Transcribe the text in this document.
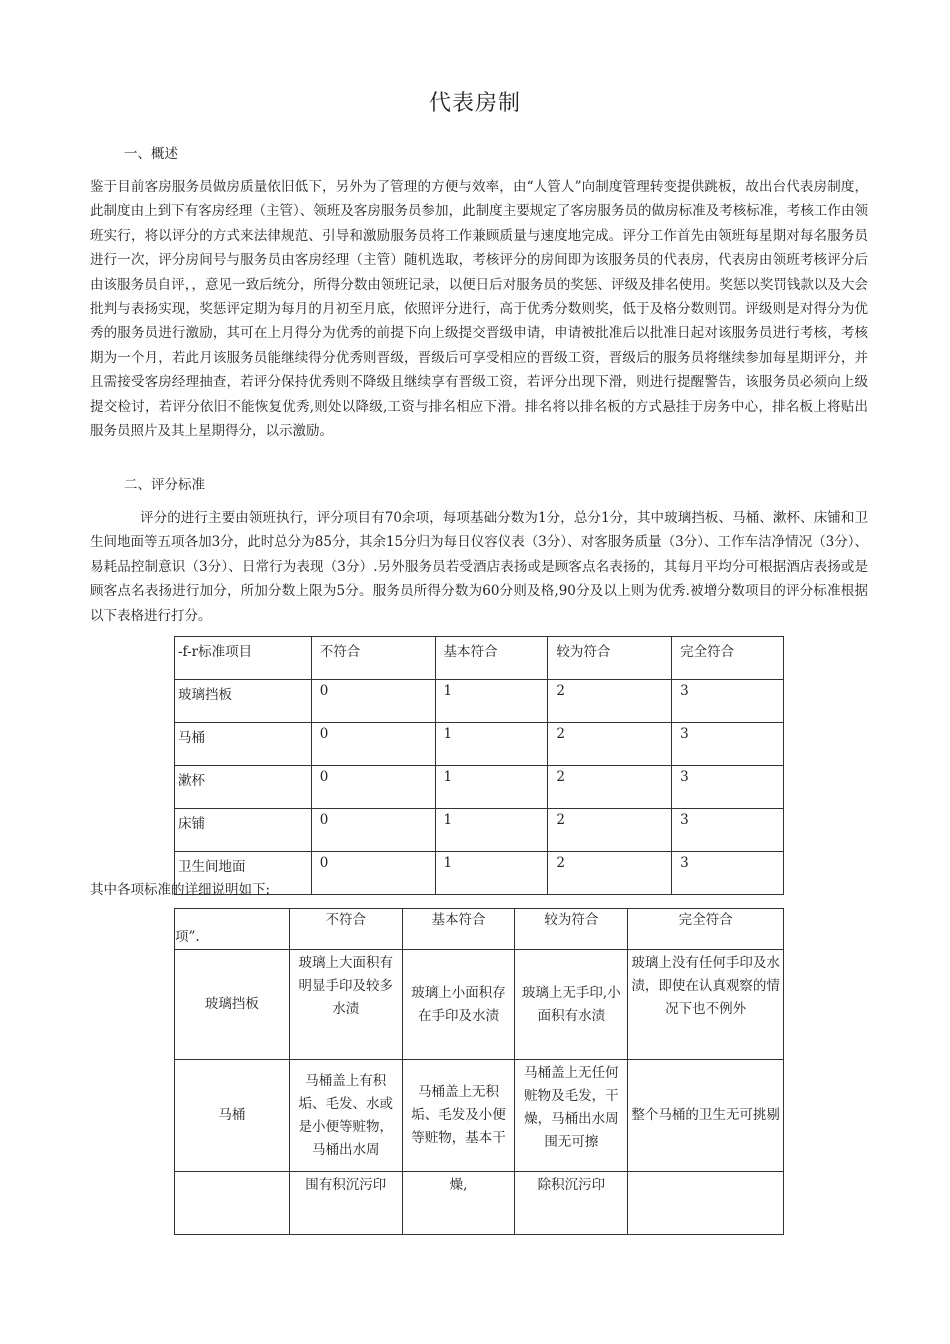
代表房制
一、概述
鉴于目前客房服务员做房质量依旧低下，另外为了管理的方便与效率，由“人管人”向制度管理转变提供跳板，故出台代表房制度，此制度由上到下有客房经理（主管）、领班及客房服务员参加，此制度主要规定了客房服务员的做房标准及考核标准，考核工作由领班实行，将以评分的方式来法律规范、引导和激励服务员将工作兼顾质量与速度地完成。评分工作首先由领班每星期对每名服务员进行一次，评分房间号与服务员由客房经理（主管）随机选取，考核评分的房间即为该服务员的代表房，代表房由领班考核评分后由该服务员自评，，意见一致后统分，所得分数由领班记录，以便日后对服务员的奖惩、评级及排名使用。奖惩以奖罚钱款以及大会批判与表扬实现，奖惩评定期为每月的月初至月底，依照评分进行，高于优秀分数则奖，低于及格分数则罚。评级则是对得分为优秀的服务员进行激励，其可在上月得分为优秀的前提下向上级提交晋级申请，申请被批准后以批准日起对该服务员进行考核，考核期为一个月，若此月该服务员能继续得分优秀则晋级，晋级后可享受相应的晋级工资，晋级后的服务员将继续参加每星期评分，并且需接受客房经理抽查，若评分保持优秀则不降级且继续享有晋级工资，若评分出现下滑，则进行提醒警告，该服务员必须向上级提交检讨，若评分依旧不能恢复优秀,则处以降级,工资与排名相应下滑。排名将以排名板的方式悬挂于房务中心，排名板上将贴出服务员照片及其上星期得分，以示激励。
二、评分标准
评分的进行主要由领班执行，评分项目有70余项，每项基础分数为1分，总分1分，其中玻璃挡板、马桶、漱杯、床铺和卫生间地面等五项各加3分，此时总分为85分，其余15分归为每日仪容仪表（3分）、对客服务质量（3分）、工作车洁净情况（3分）、易耗品控制意识（3分）、日常行为表现（3分）.另外服务员若受酒店表扬或是顾客点名表扬的，其每月平均分可根据酒店表扬或是顾客点名表扬进行加分，所加分数上限为5分。服务员所得分数为60分则及格,90分及以上则为优秀.被增分数项目的评分标准根据以下表格进行打分。
-f-r标准项目	不符合	基本符合	较为符合	完全符合
玻璃挡板	0	1	2	3
马桶	0	1	2	3
漱杯	0	1	2	3
床铺	0	1	2	3
卫生间地面	0	1	2	3
其中各项标准的详细说明如下:
项”.	不符合	基本符合	较为符合	完全符合
玻璃挡板	玻璃上大面积有明显手印及较多水渍	玻璃上小面积存在手印及水渍	玻璃上无手印,小面积有水渍	玻璃上没有任何手印及水渍，即使在认真观察的情况下也不例外
马桶	马桶盖上有积垢、毛发、水或是小便等赃物，马桶出水周	马桶盖上无积垢、毛发及小便等赃物，基本干	马桶盖上无任何赃物及毛发，干燥，马桶出水周围无可擦	整个马桶的卫生无可挑剔
	围有积沉污印	燥,	除积沉污印	
